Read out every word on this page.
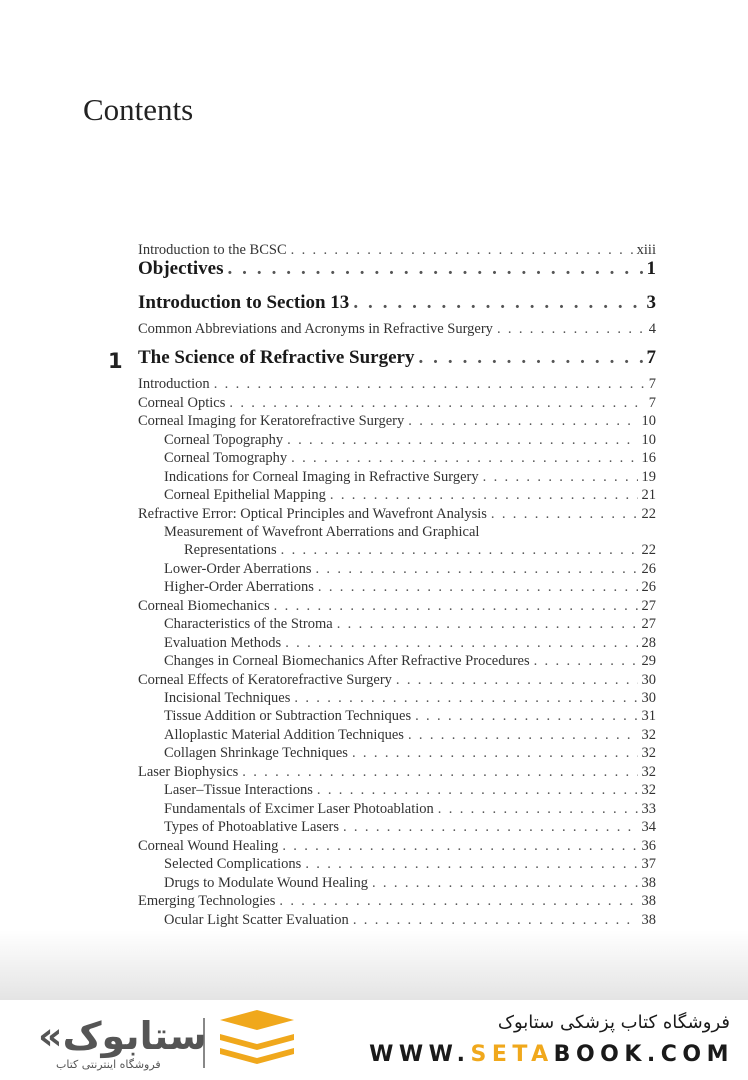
Contents
1
Introduction to the BCSC . . .	xiii
Objectives . . .	1
Introduction to Section 13 . . .	3
Common Abbreviations and Acronyms in Refractive Surgery . . .	4
The Science of Refractive Surgery . . .	7
Introduction . . .	7
Corneal Optics . . .	7
Corneal Imaging for Keratorefractive Surgery . . .	10
Corneal Topography . . .	10
Corneal Tomography . . .	16
Indications for Corneal Imaging in Refractive Surgery . . .	19
Corneal Epithelial Mapping . . .	21
Refractive Error: Optical Principles and Wavefront Analysis . . .	22
Measurement of Wavefront Aberrations and Graphical
Representations . . .	22
Lower-Order Aberrations . . .	26
Higher-Order Aberrations . . .	26
Corneal Biomechanics . . .	27
Characteristics of the Stroma . . .	27
Evaluation Methods . . .	28
Changes in Corneal Biomechanics After Refractive Procedures . . .	29
Corneal Effects of Keratorefractive Surgery . . .	30
Incisional Techniques . . .	30
Tissue Addition or Subtraction Techniques . . .	31
Alloplastic Material Addition Techniques . . .	32
Collagen Shrinkage Techniques . . .	32
Laser Biophysics . . .	32
Laser–Tissue Interactions . . .	32
Fundamentals of Excimer Laser Photoablation . . .	33
Types of Photoablative Lasers . . .	34
Corneal Wound Healing . . .	36
Selected Complications . . .	37
Drugs to Modulate Wound Healing . . .	38
Emerging Technologies . . .	38
Ocular Light Scatter Evaluation . . .	38
«ستابوک
فروشگاه اینترنتی کتاب
فروشگاه کتاب پزشکی ستابوک
WWW.SETABOOK.COM
